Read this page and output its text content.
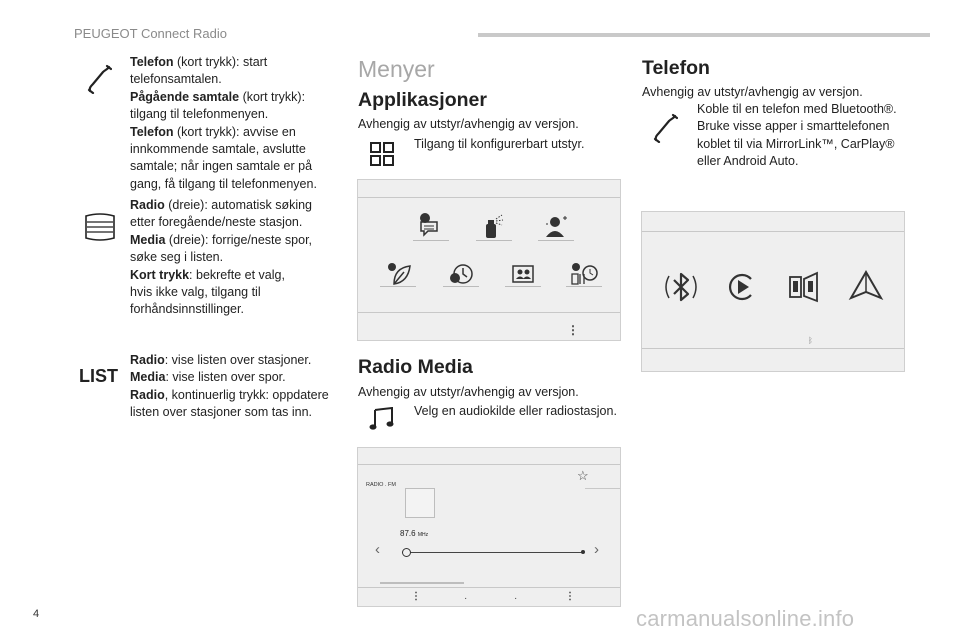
PEUGEOT Connect Radio
Telefon (kort trykk): start
telefonsamtalen.
Pågående samtale (kort trykk):
tilgang til telefonmenyen.
Telefon (kort trykk): avvise en
innkommende samtale, avslutte
samtale; når ingen samtale er på
gang, få tilgang til telefonmenyen.
Radio (dreie): automatisk søking
etter foregående/neste stasjon.
Media (dreie): forrige/neste spor,
søke seg i listen.
Kort trykk: bekrefte et valg,
hvis ikke valg, tilgang til
forhåndsinnstillinger.
LIST
Radio: vise listen over stasjoner.
Media: vise listen over spor.
Radio, kontinuerlig trykk: oppdatere
listen over stasjoner som tas inn.
Menyer
Applikasjoner
Avhengig av utstyr/avhengig av versjon.
Tilgang til konfigurerbart utstyr.
⋮
Radio Media
Avhengig av utstyr/avhengig av versjon.
Velg en audiokilde eller radiostasjon.
☆
RADIO . FM
87.6 MHz
‹	›
⋮	·	·	⋮
Telefon
Avhengig av utstyr/avhengig av versjon.
Koble til en telefon med Bluetooth®.
Bruke visse apper i smarttelefonen
koblet til via MirrorLink™, CarPlay®
eller Android Auto.
ᛒ
4	carmanualsonline.info
